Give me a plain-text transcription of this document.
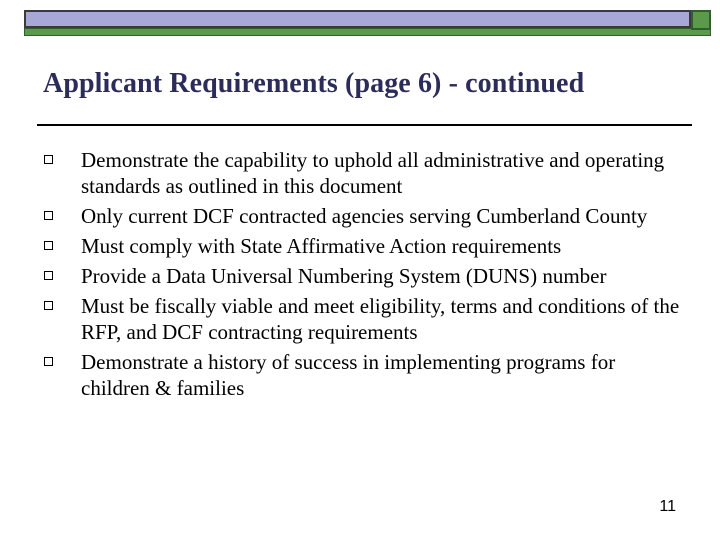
Applicant Requirements (page 6) - continued
Demonstrate the capability to uphold all administrative and operating standards as outlined in this document
Only current DCF contracted agencies serving Cumberland County
Must comply with State Affirmative Action requirements
Provide a Data Universal Numbering System (DUNS) number
Must be fiscally viable and meet eligibility, terms and conditions of the RFP, and DCF contracting requirements
Demonstrate a history of success in implementing programs for children & families
11
